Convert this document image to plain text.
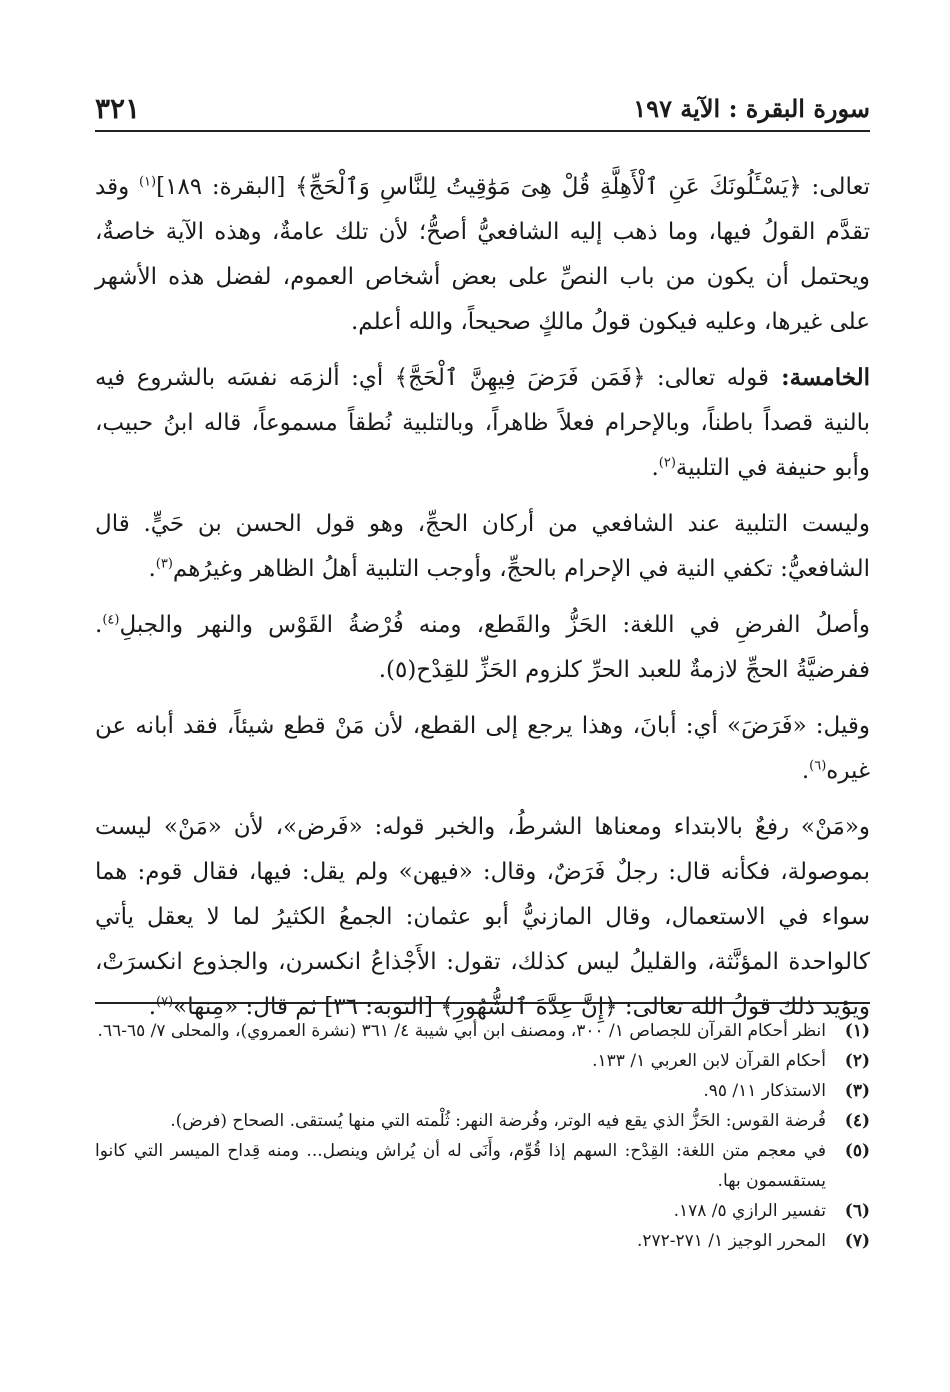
٣٢١	سورة البقرة : الآية ١٩٧

تعالى: ﴿يَسْـَٔلُونَكَ عَنِ ٱلْأَهِلَّةِ قُلْ هِىَ مَوَٰقِيتُ لِلنَّاسِ وَٱلْحَجِّ﴾ [البقرة: ١٨٩]$^{(١)}$ وقد تقدَّم القولُ فيها، وما ذهب إليه الشافعيُّ أصحُّ؛ لأن تلك عامةٌ، وهذه الآية خاصةٌ، ويحتمل أن يكون من باب النصِّ على بعض أشخاص العموم، لفضل هذه الأشهر على غيرها، وعليه فيكون قولُ مالكٍ صحيحاً، والله أعلم.

الخامسة: قوله تعالى: ﴿فَمَن فَرَضَ فِيهِنَّ ٱلْحَجَّ﴾ أي: ألزمَه نفسَه بالشروع فيه بالنية قصداً باطناً، وبالإحرام فعلاً ظاهراً، وبالتلبية نُطقاً مسموعاً، قاله ابنُ حبيب، وأبو حنيفة في التلبية$^{(٢)}$.

وليست التلبية عند الشافعي من أركان الحجِّ، وهو قول الحسن بن حَيٍّ. قال الشافعيُّ: تكفي النية في الإحرام بالحجِّ، وأوجب التلبية أهلُ الظاهر وغيرُهم$^{(٣)}$.

وأصلُ الفرضِ في اللغة: الحَزُّ والقَطع، ومنه فُرْضةُ القَوْس والنهر والجبلِ$^{(٤)}$. ففرضيَّةُ الحجِّ لازمةٌ للعبد الحرِّ كلزوم الحَزِّ للقِدْح(٥).

وقيل: «فَرَضَ» أي: أبانَ، وهذا يرجع إلى القطع، لأن مَنْ قطع شيئاً، فقد أبانه عن غيره$^{(٦)}$.

و«مَنْ» رفعٌ بالابتداء ومعناها الشرطُ، والخبر قوله: «فَرض»، لأن «مَنْ» ليست بموصولة، فكأنه قال: رجلٌ فَرَضٌ، وقال: «فيهن» ولم يقل: فيها، فقال قوم: هما سواء في الاستعمال، وقال المازنيُّ أبو عثمان: الجمعُ الكثيرُ لما لا يعقل يأتي كالواحدة المؤنَّثة، والقليلُ ليس كذلك، تقول: الأَجْذاعُ انكسرن، والجذوع انكسرَتْ، ويؤيد ذلك قولُ الله تعالى: ﴿إِنَّ عِدَّةَ ٱلشُّهُورِ﴾ [التوبة: ٣٦] ثم قال: «مِنها»$^{(٧)}$.

(١)
انظر أحكام القرآن للجصاص ١/ ٣٠٠، ومصنف ابن أبي شيبة ٤/ ٣٦١ (نشرة العمروي)، والمحلى ٧/ ٦٥-٦٦.
(٢)
أحكام القرآن لابن العربي ١/ ١٣٣.
(٣)
الاستذكار ١١/ ٩٥.
(٤)
فُرضة القوس: الحَزُّ الذي يقع فيه الوتر، وفُرضة النهر: ثُلْمته التي منها يُستقى. الصحاح (فرض).
(٥)
في معجم متن اللغة: القِدْح: السهم إذا قُوِّم، وأَنَى له أن يُراش وينصل... ومنه قِداح الميسر التي كانوا يستقسمون بها.
(٦)
تفسير الرازي ٥/ ١٧٨.
(٧)
المحرر الوجيز ١/ ٢٧١-٢٧٢.
